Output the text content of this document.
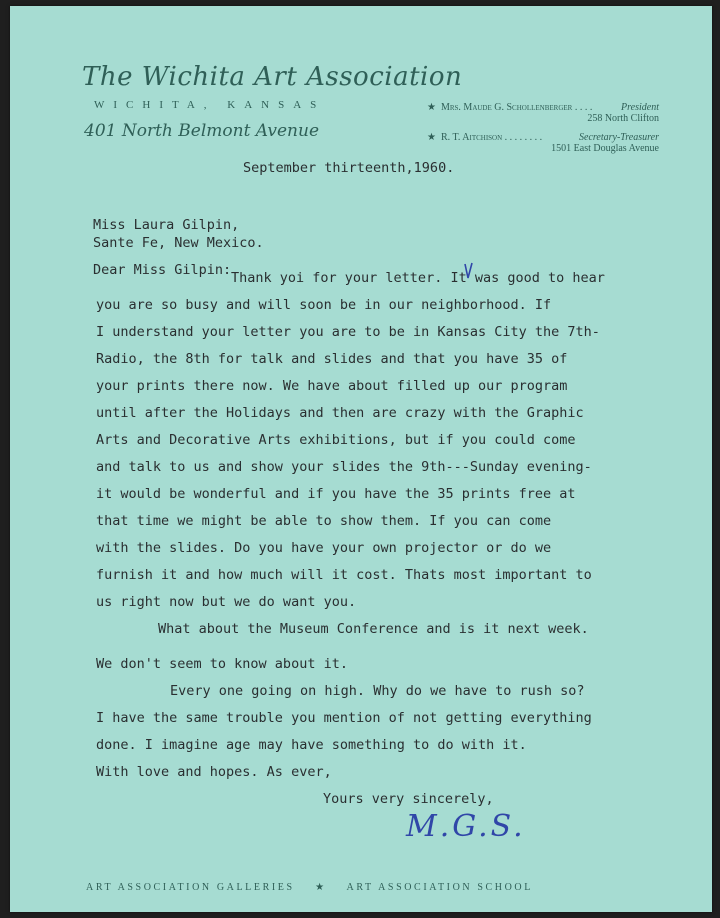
The Wichita Art Association
WICHITA, KANSAS
401 North Belmont Avenue
★ Mrs. Maude G. Schollenberger . . . .	President
258 North Clifton
★ R. T. Aitchison . . . . . . . .	Secretary-Treasurer
1501 East Douglas Avenue
September thirteenth,1960.
Miss Laura Gilpin,
Sante Fe, New Mexico.
Dear Miss Gilpin: Thank yoi for your letter. It was good to hear
you are so busy and will soon be in our neighborhood. If
I understand your letter you are to be in Kansas City the 7th-
Radio, the 8th for talk and slides and that you have 35 of
your prints there now. We have about filled up our program
until after the Holidays and then are crazy with the Graphic
Arts and Decorative Arts exhibitions, but if you could come
and talk to us and show your slides the 9th---Sunday evening-
it would be wonderful and if you have the 35 prints free at
that time we might be able to show them. If you can come
with the slides. Do you have your own projector or do we
furnish it and how much will it cost. Thats most important to
us right now but we do want you.
What about the Museum Conference and is it next week.
We don't seem to know about it.
Every one going on high. Why do we have to rush so?
I have the same trouble you mention of not getting everything
done. I imagine age may have something to do with it.
With love and hopes. As ever,
Yours very sincerely,
M.G.S.
ART ASSOCIATION GALLERIES ★ ART ASSOCIATION SCHOOL
